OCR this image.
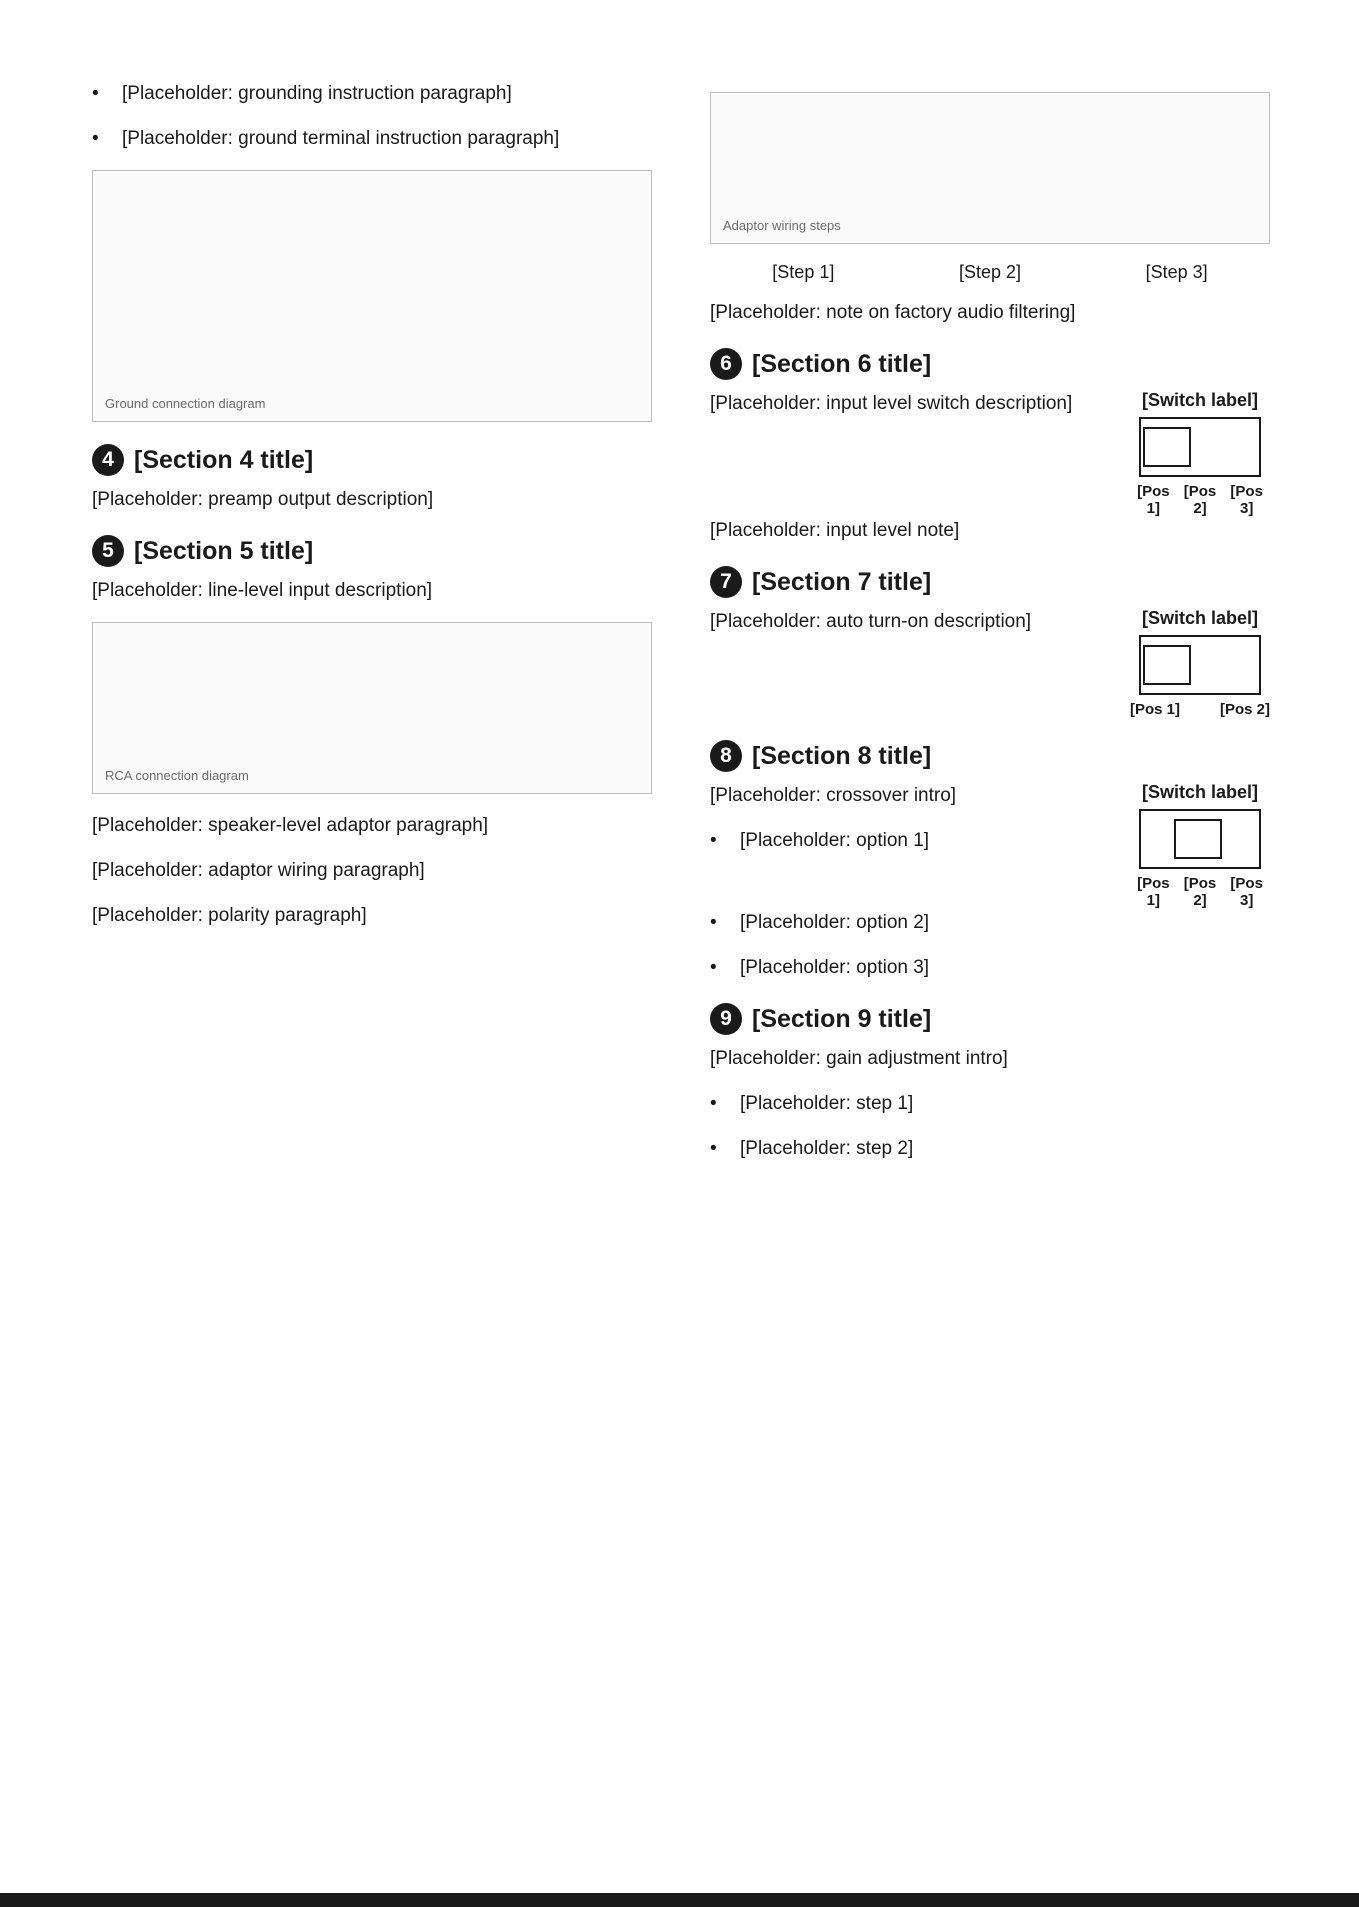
•	[Placeholder: grounding instruction paragraph]
•	[Placeholder: ground terminal instruction paragraph]
Ground connection diagram
4 [Section 4 title]
[Placeholder: preamp output description]
5 [Section 5 title]
[Placeholder: line-level input description]
RCA connection diagram
[Placeholder: speaker-level adaptor paragraph]
[Placeholder: adaptor wiring paragraph]
[Placeholder: polarity paragraph]
Adaptor wiring steps
[Step 1]	[Step 2]	[Step 3]
[Placeholder: note on factory audio filtering]
6 [Section 6 title]
[Placeholder: input level switch description]	[Switch label]
[Pos 1]
[Pos 2]
[Pos 3]
[Placeholder: input level note]
7 [Section 7 title]
[Placeholder: auto turn-on description]	[Switch label]
[Pos 1]	[Pos 2]
8 [Section 8 title]
[Placeholder: crossover intro]
•	[Placeholder: option 1]
[Switch label]
[Pos 1]
[Pos 2]
[Pos 3]
•	[Placeholder: option 2]
•	[Placeholder: option 3]
9 [Section 9 title]
[Placeholder: gain adjustment intro]
•	[Placeholder: step 1]
•	[Placeholder: step 2]
